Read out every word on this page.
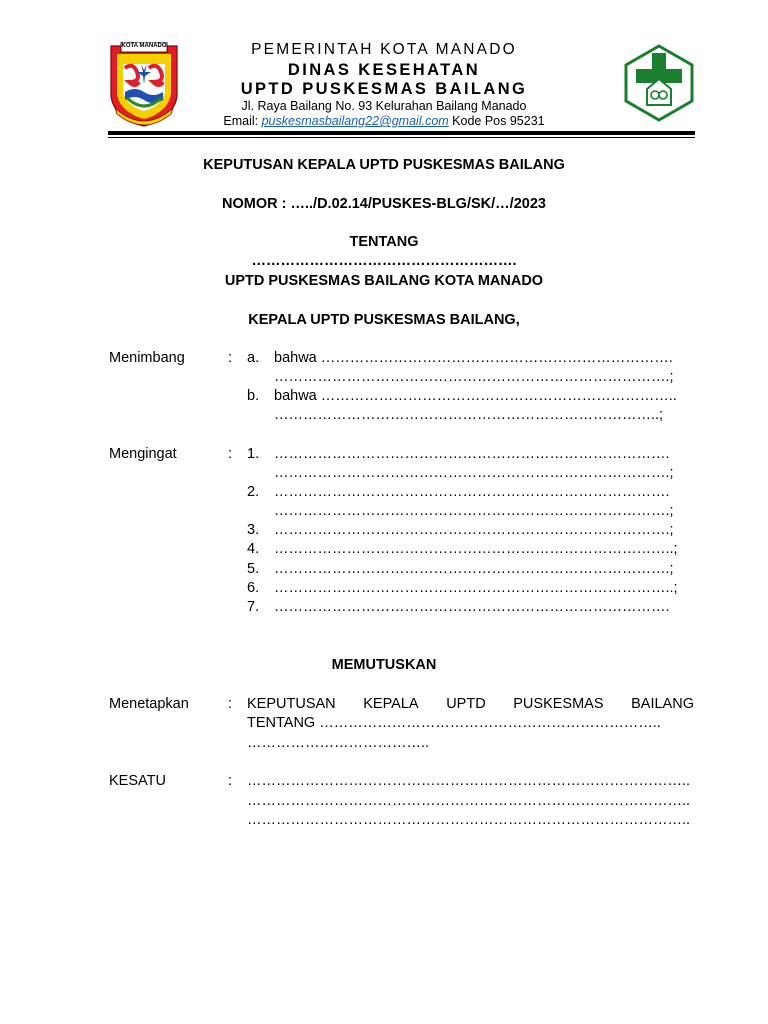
KOTA MANADO	PEMERINTAH KOTA MANADO
DINAS KESEHATAN
UPTD PUSKESMAS BAILANG
Jl. Raya Bailang No. 93 Kelurahan Bailang Manado
Email: puskesmasbailang22@gmail.com Kode Pos 95231
KEPUTUSAN KEPALA UPTD PUSKESMAS BAILANG
NOMOR : …../D.02.14/PUSKES-BLG/SK/…/2023
TENTANG
……………………………………………….
UPTD PUSKESMAS BAILANG KOTA MANADO
KEPALA UPTD PUSKESMAS BAILANG,
Menimbang	: a. bahwa ……………………………………………………………….
……………………………………………………………………….;
b. bahwa ………………………………………………………………..
……………………………………………………………………..;
Mengingat	: 1. ……………………………………………………………………….
……………………………………………………………………….;
2. ……………………………………………………………………….
……………………………………………………………………….;
3. ……………………………………………………………………….;
4. ………………………………………………………………………..;
5. ……………………………………………………………………….;
6. ………………………………………………………………………..;
7. ……………………………………………………………………….
MEMUTUSKAN
Menetapkan	: KEPUTUSAN KEPALA UPTD PUSKESMAS BAILANG
TENTANG ……………………………………………………………..
………………………………..
KESATU	: ………………………………………………………………………………..
………………………………………………………………………………..
………………………………………………………………………………..
